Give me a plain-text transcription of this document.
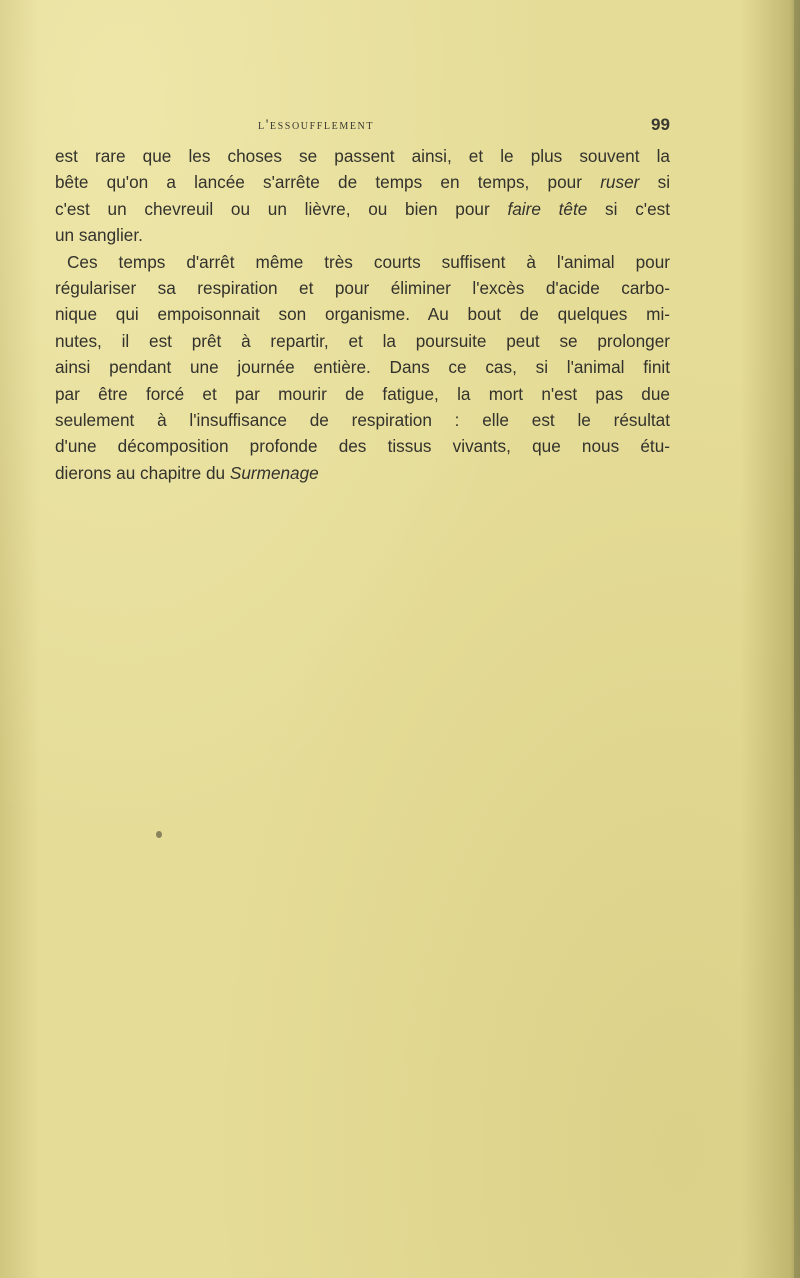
l'essoufflement	99
est rare que les choses se passent ainsi, et le plus souvent la
bête qu'on a lancée s'arrête de temps en temps, pour ruser si
c'est un chevreuil ou un lièvre, ou bien pour faire tête si c'est
un sanglier.
Ces temps d'arrêt même très courts suffisent à l'animal pour
régulariser sa respiration et pour éliminer l'excès d'acide carbo-
nique qui empoisonnait son organisme. Au bout de quelques mi-
nutes, il est prêt à repartir, et la poursuite peut se prolonger
ainsi pendant une journée entière. Dans ce cas, si l'animal finit
par être forcé et par mourir de fatigue, la mort n'est pas due
seulement à l'insuffisance de respiration : elle est le résultat
d'une décomposition profonde des tissus vivants, que nous étu-
dierons au chapitre du Surmenage
